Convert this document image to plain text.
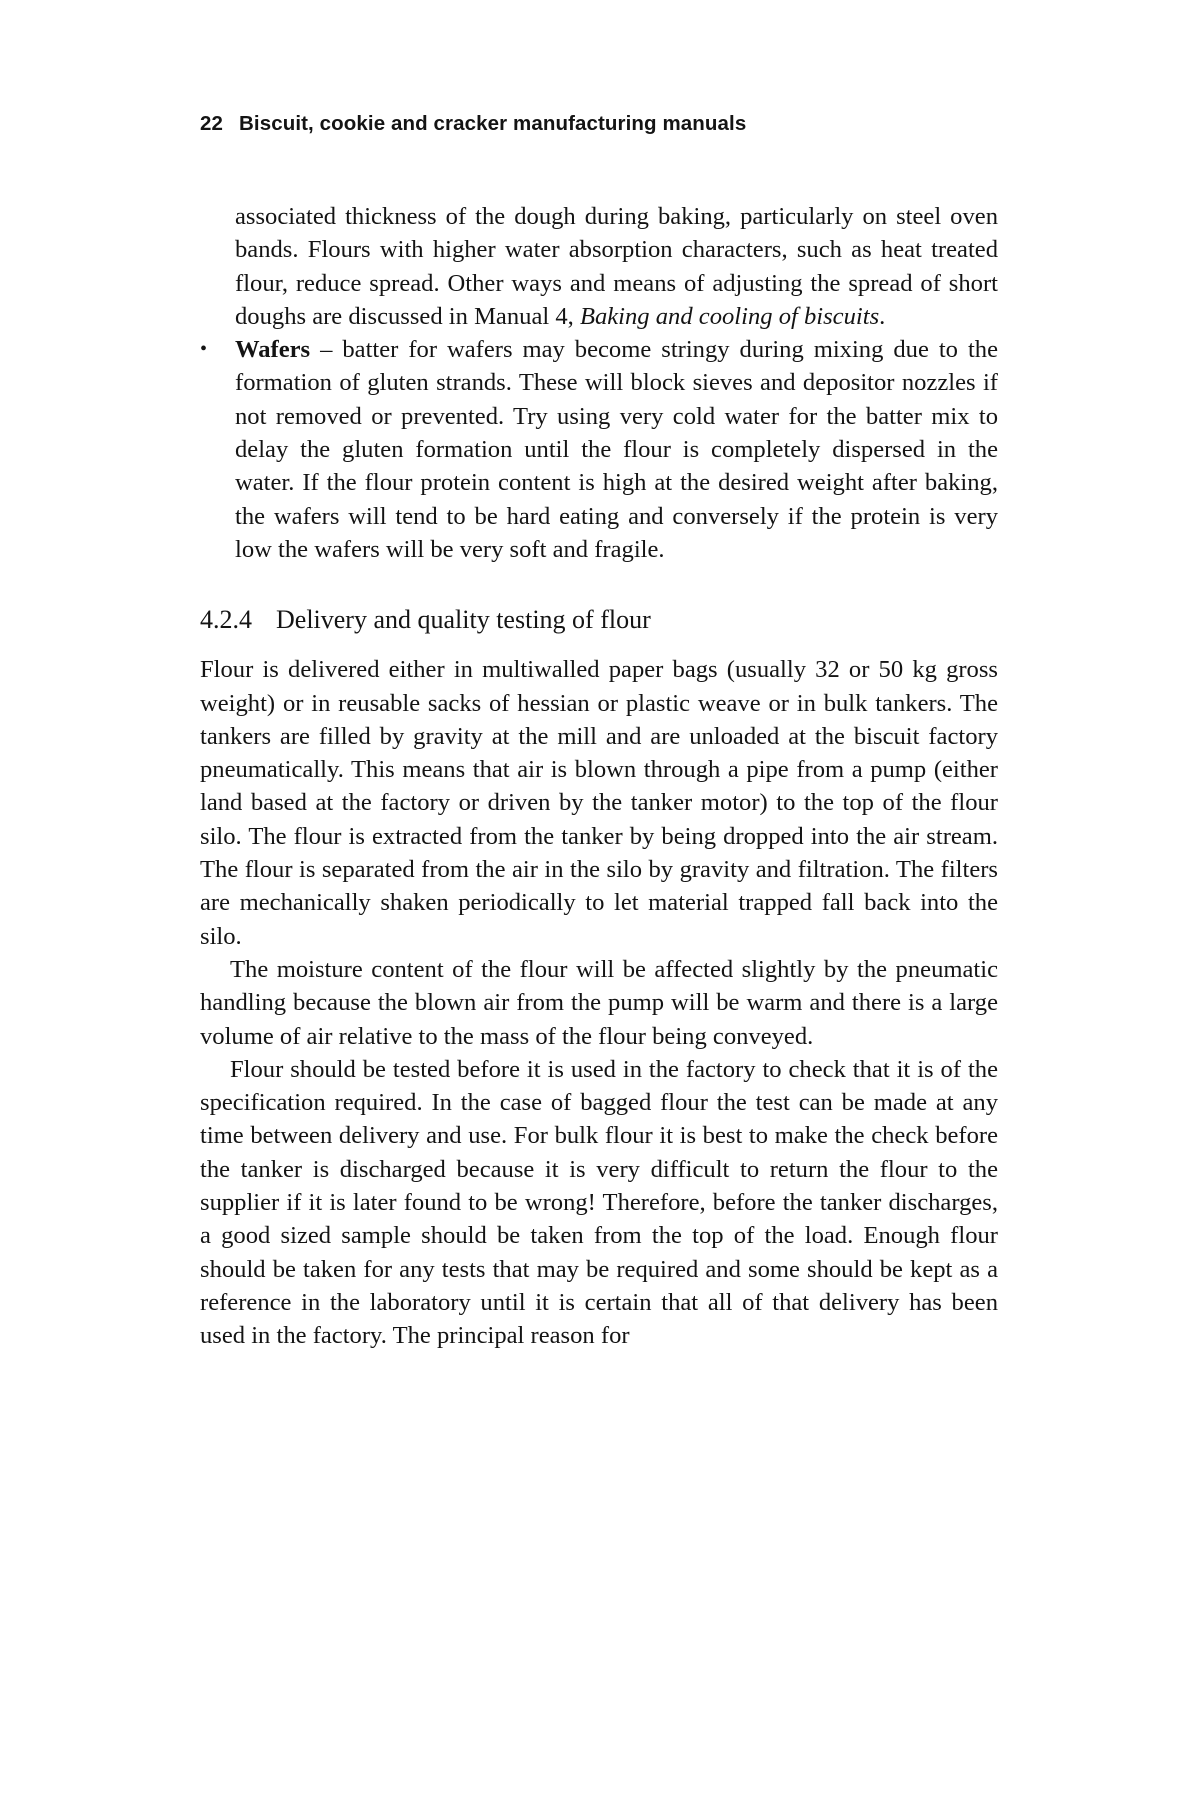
22 Biscuit, cookie and cracker manufacturing manuals

associated thickness of the dough during baking, particularly on steel oven bands. Flours with higher water absorption characters, such as heat treated flour, reduce spread. Other ways and means of adjusting the spread of short doughs are discussed in Manual 4, Baking and cooling of biscuits.

• Wafers – batter for wafers may become stringy during mixing due to the formation of gluten strands. These will block sieves and depositor nozzles if not removed or prevented. Try using very cold water for the batter mix to delay the gluten formation until the flour is completely dispersed in the water. If the flour protein content is high at the desired weight after baking, the wafers will tend to be hard eating and conversely if the protein is very low the wafers will be very soft and fragile.

4.2.4 Delivery and quality testing of flour

Flour is delivered either in multiwalled paper bags (usually 32 or 50 kg gross weight) or in reusable sacks of hessian or plastic weave or in bulk tankers. The tankers are filled by gravity at the mill and are unloaded at the biscuit factory pneumatically. This means that air is blown through a pipe from a pump (either land based at the factory or driven by the tanker motor) to the top of the flour silo. The flour is extracted from the tanker by being dropped into the air stream. The flour is separated from the air in the silo by gravity and filtration. The filters are mechanically shaken periodically to let material trapped fall back into the silo.

The moisture content of the flour will be affected slightly by the pneumatic handling because the blown air from the pump will be warm and there is a large volume of air relative to the mass of the flour being conveyed.

Flour should be tested before it is used in the factory to check that it is of the specification required. In the case of bagged flour the test can be made at any time between delivery and use. For bulk flour it is best to make the check before the tanker is discharged because it is very difficult to return the flour to the supplier if it is later found to be wrong! Therefore, before the tanker discharges, a good sized sample should be taken from the top of the load. Enough flour should be taken for any tests that may be required and some should be kept as a reference in the laboratory until it is certain that all of that delivery has been used in the factory. The principal reason for
